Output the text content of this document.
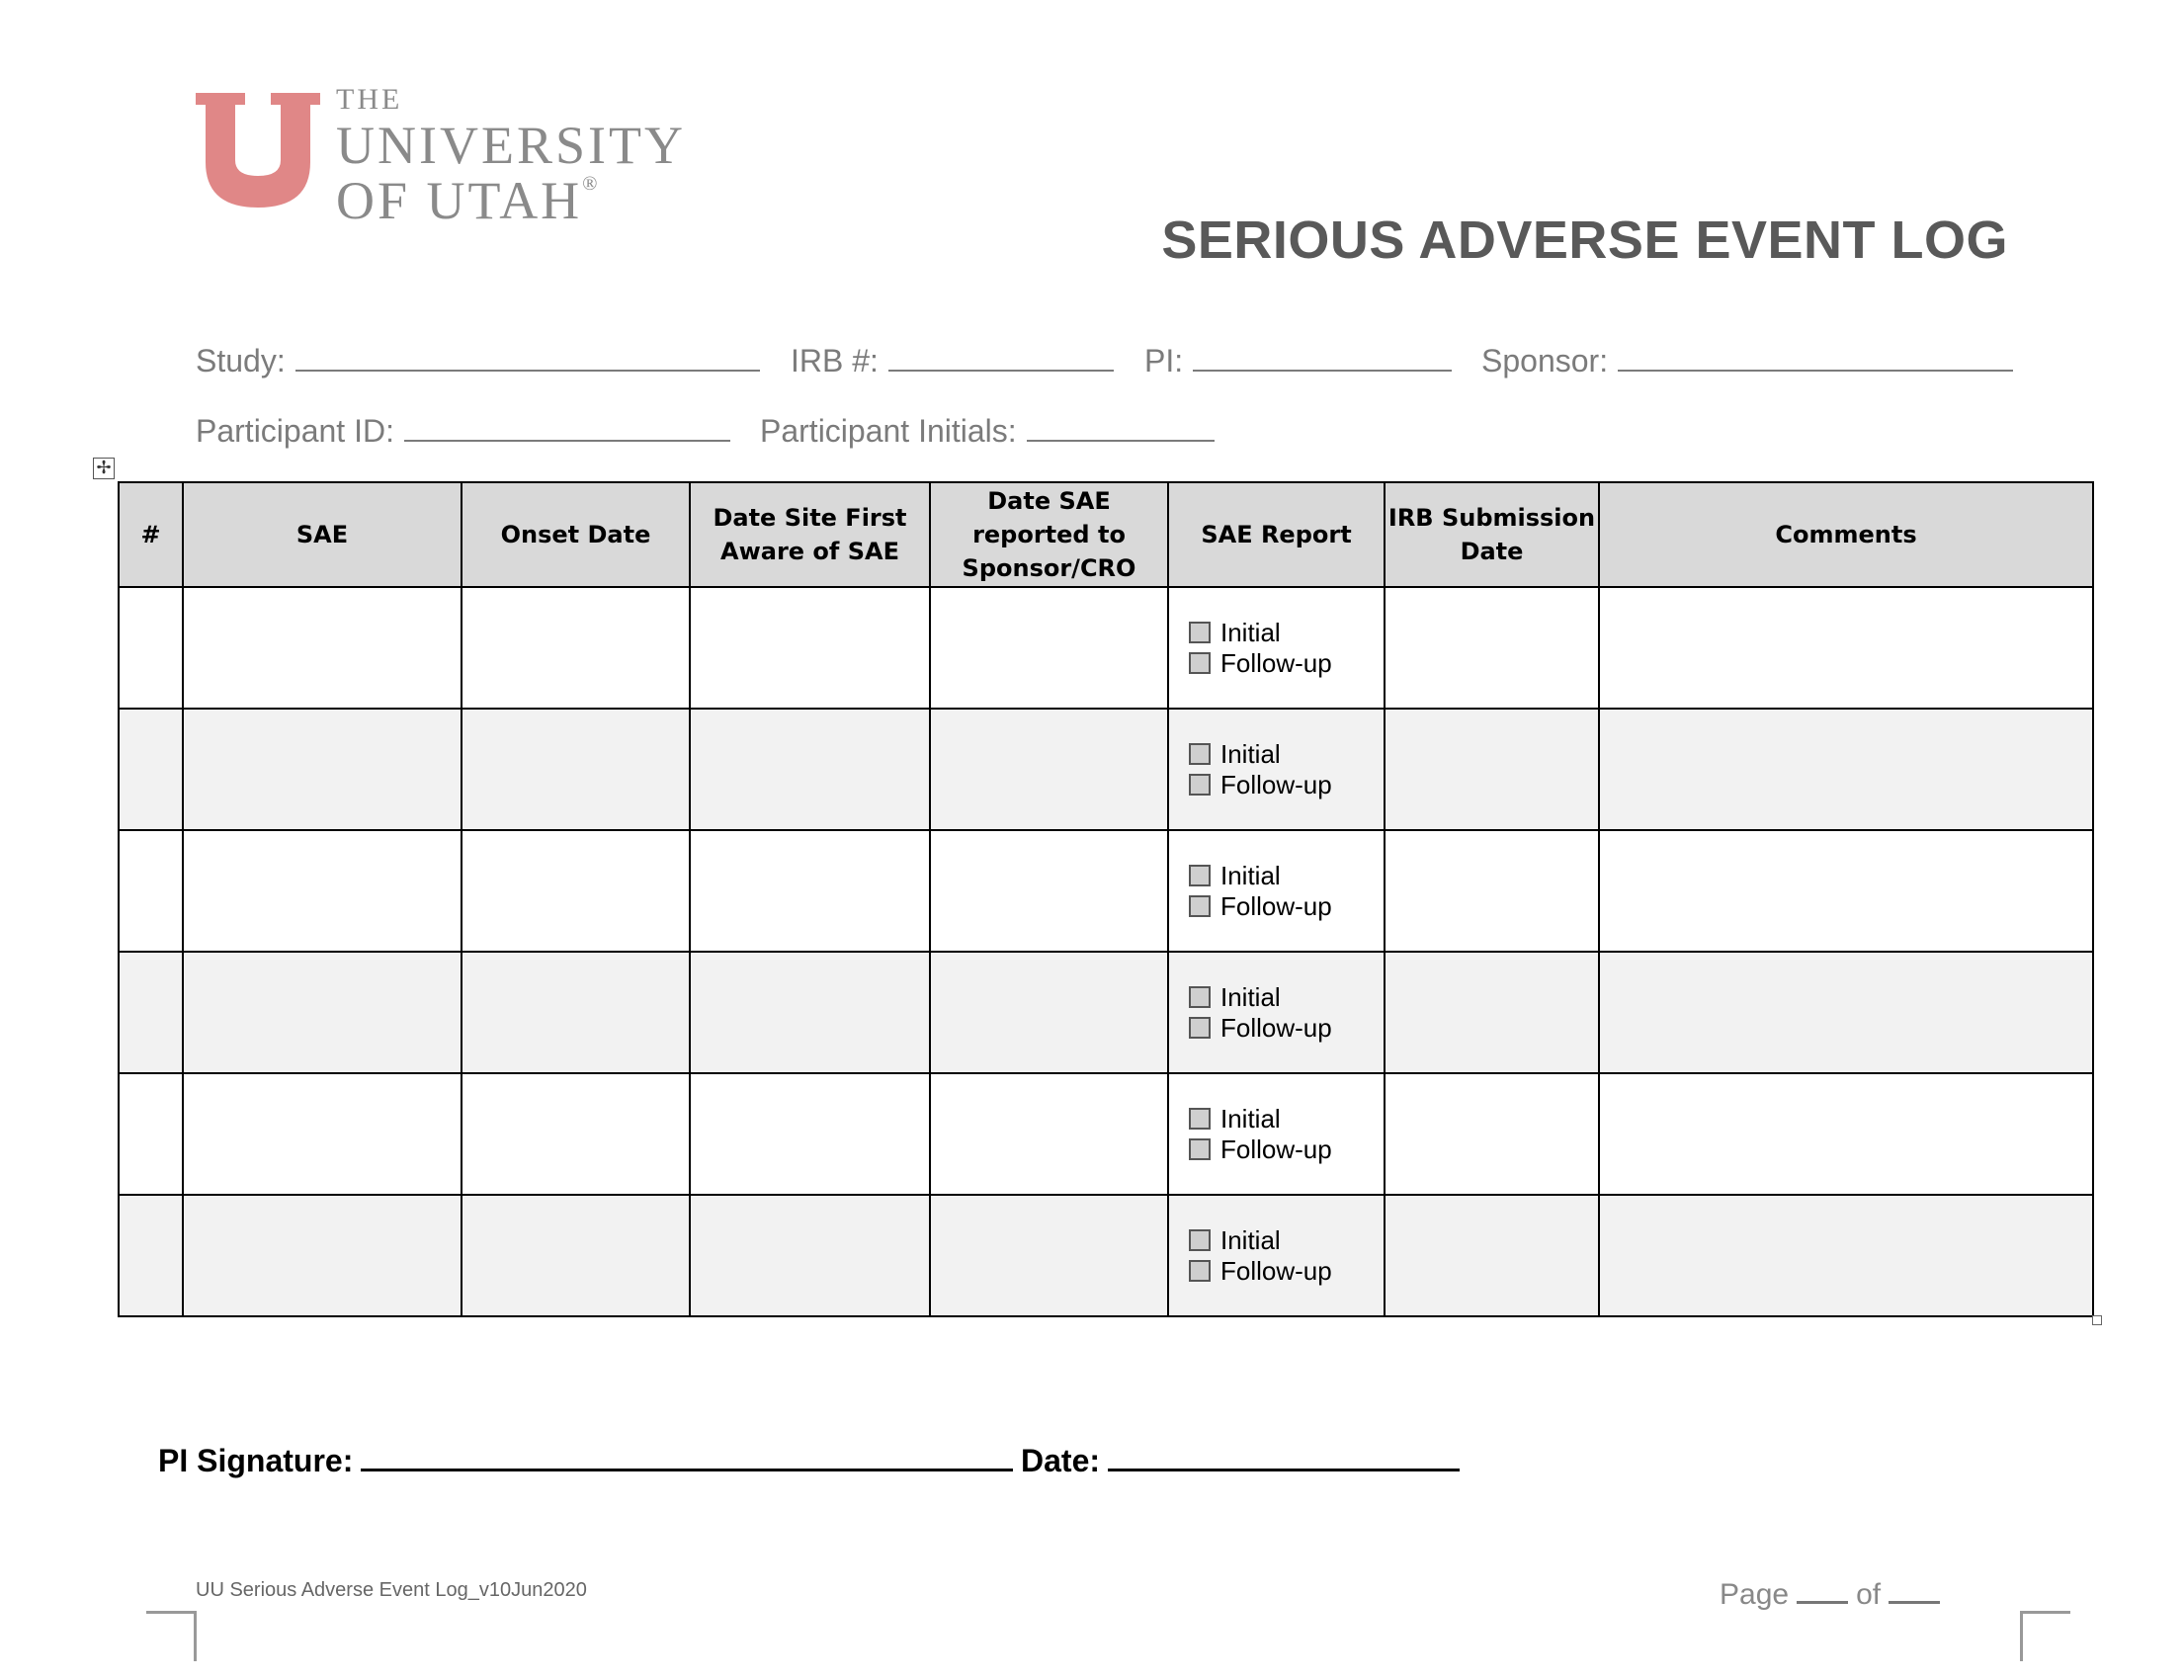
THE
UNIVERSITY
OF UTAH®
SERIOUS ADVERSE EVENT LOG
Study:	IRB #:	PI:	Sponsor:
Participant ID:	Participant Initials:
✢
#	SAE	Onset Date	Date Site First Aware of SAE	Date SAE reported to Sponsor/CRO	SAE Report	IRB Submission Date	Comments

					Initial
Follow-up		

					Initial
Follow-up		

					Initial
Follow-up		

					Initial
Follow-up		

					Initial
Follow-up		

					Initial
Follow-up		

PI Signature:	Date:
UU Serious Adverse Event Log_v10Jun2020	Page of
